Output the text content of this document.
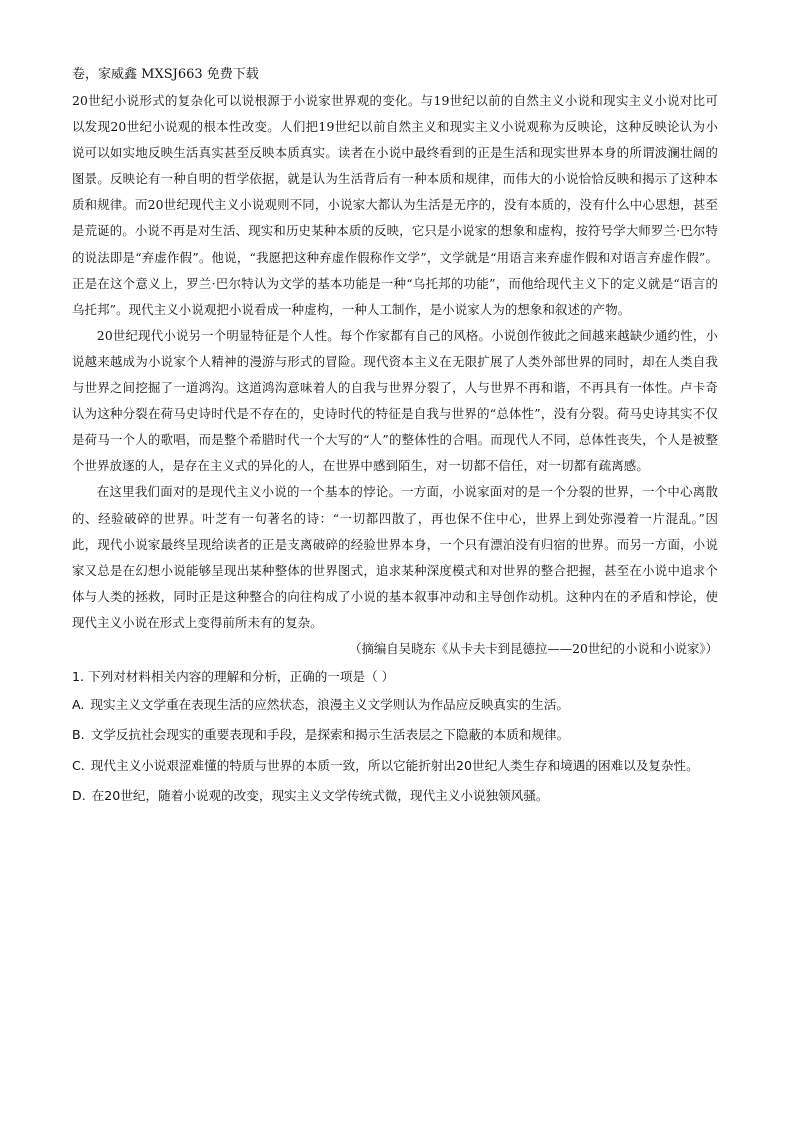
卷，家威鑫 MXSJ663 免费下载

20世纪小说形式的复杂化可以说根源于小说家世界观的变化。与19世纪以前的自然主义小说和现实主义小说对比可以发现20世纪小说观的根本性改变。人们把19世纪以前自然主义和现实主义小说观称为反映论，这种反映论认为小说可以如实地反映生活真实甚至反映本质真实。读者在小说中最终看到的正是生活和现实世界本身的所谓波澜壮阔的图景。反映论有一种自明的哲学依据，就是认为生活背后有一种本质和规律，而伟大的小说恰恰反映和揭示了这种本质和规律。而20世纪现代主义小说观则不同，小说家大都认为生活是无序的，没有本质的，没有什么中心思想，甚至是荒诞的。小说不再是对生活、现实和历史某种本质的反映，它只是小说家的想象和虚构，按符号学大师罗兰·巴尔特的说法即是“弃虚作假”。他说，“我愿把这种弃虚作假称作文学”，文学就是“用语言来弃虚作假和对语言弃虚作假”。正是在这个意义上，罗兰·巴尔特认为文学的基本功能是一种“乌托邦的功能”，而他给现代主义下的定义就是“语言的乌托邦”。现代主义小说观把小说看成一种虚构，一种人工制作，是小说家人为的想象和叙述的产物。

20世纪现代小说另一个明显特征是个人性。每个作家都有自己的风格。小说创作彼此之间越来越缺少通约性，小说越来越成为小说家个人精神的漫游与形式的冒险。现代资本主义在无限扩展了人类外部世界的同时，却在人类自我与世界之间挖掘了一道鸿沟。这道鸿沟意味着人的自我与世界分裂了，人与世界不再和谐，不再具有一体性。卢卡奇认为这种分裂在荷马史诗时代是不存在的，史诗时代的特征是自我与世界的“总体性”，没有分裂。荷马史诗其实不仅是荷马一个人的歌唱，而是整个希腊时代一个大写的“人”的整体性的合唱。而现代人不同，总体性丧失，个人是被整个世界放逐的人，是存在主义式的异化的人，在世界中感到陌生，对一切都不信任，对一切都有疏离感。

在这里我们面对的是现代主义小说的一个基本的悖论。一方面，小说家面对的是一个分裂的世界，一个中心离散的、经验破碎的世界。叶芝有一句著名的诗：“一切都四散了，再也保不住中心，世界上到处弥漫着一片混乱。”因此，现代小说家最终呈现给读者的正是支离破碎的经验世界本身，一个只有漂泊没有归宿的世界。而另一方面，小说家又总是在幻想小说能够呈现出某种整体的世界图式，追求某种深度模式和对世界的整合把握，甚至在小说中追求个体与人类的拯救，同时正是这种整合的向往构成了小说的基本叙事冲动和主导创作动机。这种内在的矛盾和悖论，使现代主义小说在形式上变得前所未有的复杂。

（摘编自吴晓东《从卡夫卡到昆德拉——20世纪的小说和小说家》）

1. 下列对材料相关内容的理解和分析，正确的一项是（ ）

A. 现实主义文学重在表现生活的应然状态，浪漫主义文学则认为作品应反映真实的生活。

B. 文学反抗社会现实的重要表现和手段，是探索和揭示生活表层之下隐蔽的本质和规律。

C. 现代主义小说艰涩难懂的特质与世界的本质一致，所以它能折射出20世纪人类生存和境遇的困难以及复杂性。

D. 在20世纪，随着小说观的改变，现实主义文学传统式微，现代主义小说独领风骚。
